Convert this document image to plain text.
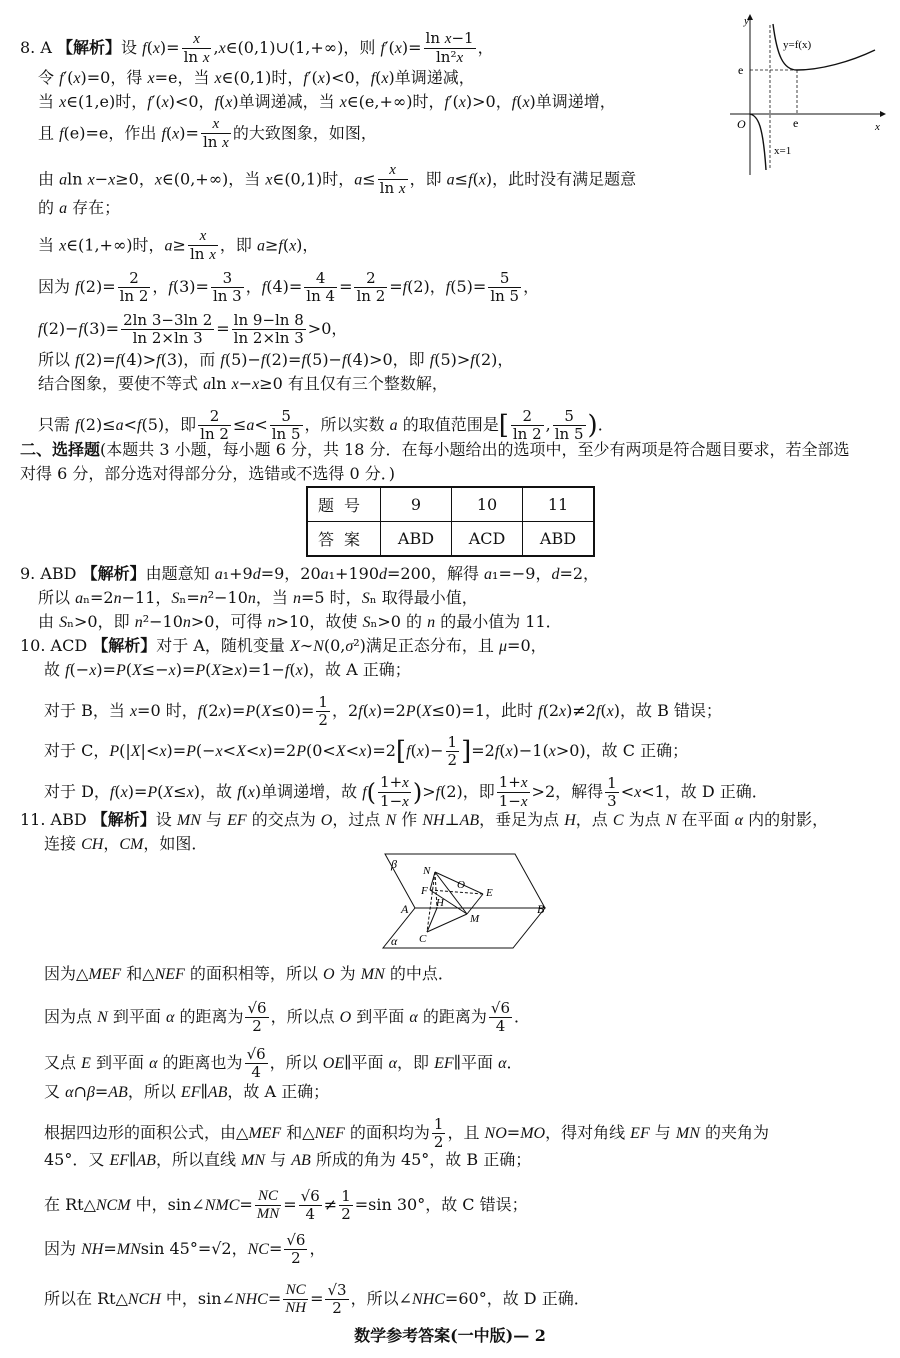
8. A 【解析】设 $f(x)= \frac{x}{\text{ln x}}$ ,x∈(0,1)∪(1,+∞)，则 $f'(x)= \frac{\text{ln x−1}}{\text{ln²x}}$ ，
令 f′(x)=0，得 x=e，当 x∈(0,1)时，f′(x)<0，f(x)单调递减，
当 x∈(1,e)时，f′(x)<0，f(x)单调递减，当 x∈(e,+∞)时，f′(x)>0，f(x)单调递增，
且 f(e)=e，作出 $f(x)= \frac{x}{\text{ln x}}$ 的大致图象，如图，
由 aln x−x≥0，x∈(0,+∞)，当 x∈(0,1)时，$a\le \frac{x}{\text{ln x}}$ ，即 a≤f(x)，此时没有满足题意
的 a 存在；
当 x∈(1,+∞)时，$a\ge \frac{x}{\text{ln x}}$ ，即 a≥f(x)，
因为 $f(2)= \frac{2}{\ln 2}$ ，$f(3)= \frac{3}{\ln 3}$ ，$f(4)= \frac{4}{\ln 4} = \frac{2}{\ln 2} =f(2)$，$f(5)= \frac{5}{\ln 5}$ ，
$f(2)-f(3)= \frac{2\ln 3-3\ln 2}{\ln 2\times\ln 3} = \frac{\ln 9-\ln 8}{\ln 2\times\ln 3} >0$，
所以 f(2)=f(4)>f(3)，而 f(5)−f(2)=f(5)−f(4)>0，即 f(5)>f(2)，
结合图象，要使不等式 aln x−x≥0 有且仅有三个整数解，
只需 f(2)≤a<f(5)，即 $\frac{2}{\ln 2} \le a< \frac{5}{\ln 5}$ ，所以实数 a 的取值范围是[ $\frac{2}{\ln 2}$ , $\frac{5}{\ln 5}$ )．
二、选择题(本题共 3 小题，每小题 6 分，共 18 分．在每小题给出的选项中，至少有两项是符合题目要求，若全部选
对得 6 分，部分选对得部分分，选错或不选得 0 分．)
题号	9	10	11
答案	ABD	ACD	ABD
9. ABD 【解析】由题意知 a₁+9d=9，20a₁+190d=200，解得 a₁=−9，d=2，
所以 aₙ=2n−11，Sₙ=n²−10n，当 n=5 时，Sₙ 取得最小值，
由 Sₙ>0，即 n²−10n>0，可得 n>10，故使 Sₙ>0 的 n 的最小值为 11．
10. ACD 【解析】对于 A，随机变量 X∼N(0,σ²)满足正态分布，且 μ=0，
故 f(−x)=P(X≤−x)=P(X≥x)=1−f(x)，故 A 正确；
对于 B，当 x=0 时，$f(2x)=P(X\le 0)= \frac{1}{2}$ ，2f(x)=2P(X≤0)=1，此时 f(2x)≠2f(x)，故 B 错误；
对于 C，$P(|X|<x)=P(-x<X<x)=2P(0<X<x)=2[f(x)- \frac{1}{2} ]=2f(x)-1(x>0)$，故 C 正确；
对于 D，f(x)=P(X≤x)，故 f(x)单调递增，故 $f( \frac{1+x}{1-x} )>f(2)$，即 $\frac{1+x}{1-x} >2$，解得 $\frac{1}{3} <x<1$，故 D 正确．
11. ABD 【解析】设 MN 与 EF 的交点为 O，过点 N 作 NH⊥AB，垂足为点 H，点 C 为点 N 在平面 α 内的射影，
连接 CH，CM，如图．
因为△MEF 和△NEF 的面积相等，所以 O 为 MN 的中点．
因为点 N 到平面 α 的距离为 $\frac{√6}{2}$ ，所以点 O 到平面 α 的距离为 $\frac{√6}{4}$ ．
又点 E 到平面 α 的距离也为 $\frac{√6}{4}$ ，所以 OE∥平面 α，即 EF∥平面 α．
又 α∩β=AB，所以 EF∥AB，故 A 正确；
根据四边形的面积公式，由△MEF 和△NEF 的面积均为 $\frac{1}{2}$ ，且 NO=MO，得对角线 EF 与 MN 的夹角为
45°．又 EF∥AB，所以直线 MN 与 AB 所成的角为 45°，故 B 正确；
在 Rt△NCM 中，sin∠NMC= $\frac{NC}{MN} = \frac{√6}{4} \ne \frac{1}{2} =\sin$ 30°，故 C 错误；
因为 NH=MNsin 45°=√2，$NC= \frac{√6}{2}$ ，
所以在 Rt△NCH 中，sin∠NHC= $\frac{NC}{NH} = \frac{√3}{2}$ ，所以∠NHC=60°，故 D 正确．
y
x
O
y=f(x)
e
e
x=1
β
α
A	B
N
F	O
E
H
M
C
数学参考答案(一中版)— 2
